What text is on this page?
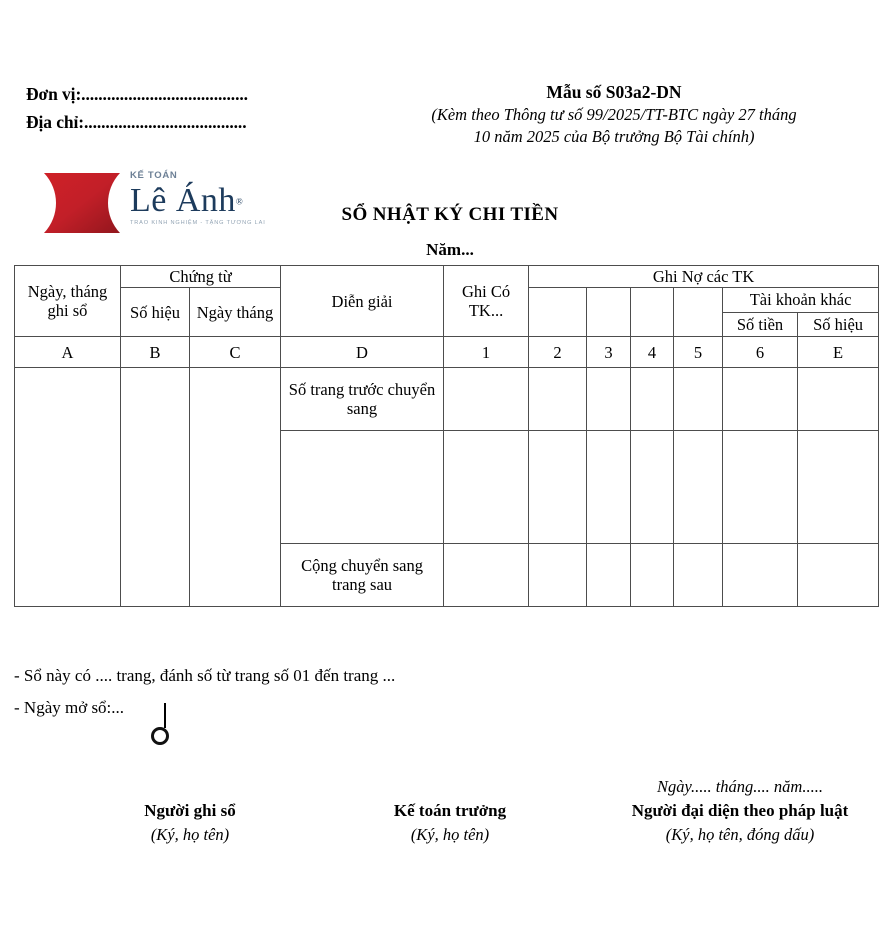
Đơn vị:.......................................
Địa chỉ:......................................
KẾ TOÁN
Lê Ánh®
TRAO KINH NGHIỆM - TẶNG TƯƠNG LAI
Mẫu số S03a2-DN
(Kèm theo Thông tư số 99/2025/TT-BTC ngày 27 tháng
10 năm 2025 của Bộ trưởng Bộ Tài chính)
SỔ NHẬT KÝ CHI TIỀN
Năm...
Ngày, tháng ghi sổ	Chứng từ		Diễn giải	Ghi Có TK...	Ghi Nợ các TK					
	Số hiệu	Ngày tháng							Tài khoản khác	
									Số tiền	Số hiệu
A	B	C	D	1	2	3	4	5	6	E
			Số trang trước chuyển sang							

			Cộng chuyển sang trang sau							
- Sổ này có .... trang, đánh số từ trang số 01 đến trang ...
- Ngày mở sổ:...
Người ghi sổ
(Ký, họ tên)
Kế toán trưởng
(Ký, họ tên)
Ngày..... tháng.... năm.....
Người đại diện theo pháp luật
(Ký, họ tên, đóng dấu)
